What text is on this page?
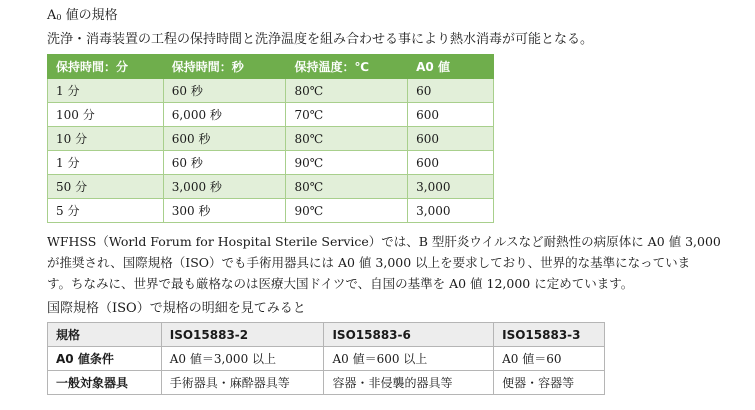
$A_0$ 値の規格
洗浄・消毒装置の工程の保持時間と洗浄温度を組み合わせる事により熱水消毒が可能となる。
保持時間：分	保持時間：秒	保持温度：℃	A0 値
1 分	60 秒	80℃	60
100 分	6,000 秒	70℃	600
10 分	600 秒	80℃	600
1 分	60 秒	90℃	600
50 分	3,000 秒	80℃	3,000
5 分	300 秒	90℃	3,000
WFHSS（World Forum for Hospital Sterile Service）では、B 型肝炎ウイルスなど耐熱性の病原体に A0 値 3,000
が推奨され、国際規格（ISO）でも手術用器具には A0 値 3,000 以上を要求しており、世界的な基準になっていま
す。ちなみに、世界で最も厳格なのは医療大国ドイツで、自国の基準を A0 値 12,000 に定めています。
国際規格（ISO）で規格の明細を見てみると
規格	ISO15883-2	ISO15883-6	ISO15883-3
A0 値条件	A0 値＝3,000 以上	A0 値＝600 以上	A0 値＝60
一般対象器具	手術器具・麻酔器具等	容器・非侵襲的器具等	便器・容器等
